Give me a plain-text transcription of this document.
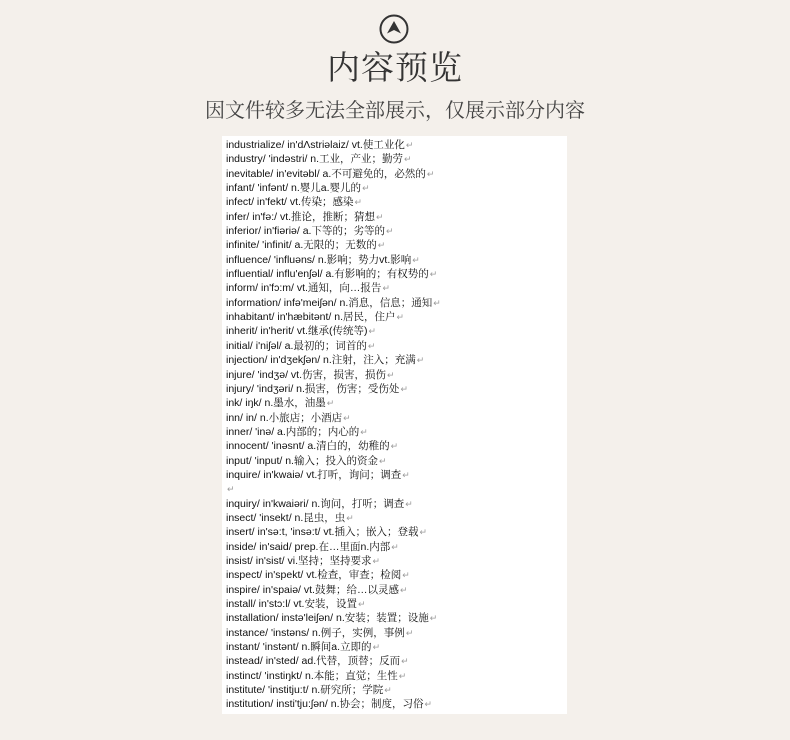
内容预览
因文件较多无法全部展示，仅展示部分内容
industrialize/ in'dΛstriəlaiz/ vt.使工业化↵
industry/ 'indəstri/ n.工业，产业；勤劳↵
inevitable/ in'evitəbl/ a.不可避免的，必然的↵
infant/ 'infənt/ n.婴儿a.婴儿的↵
infect/ in'fekt/ vt.传染；感染↵
infer/ in'fə:/ vt.推论，推断；猜想↵
inferior/ in'fiəriə/ a.下等的；劣等的↵
infinite/ 'infinit/ a.无限的；无数的↵
influence/ 'influəns/ n.影响；势力vt.影响↵
influential/ influ'enʃəl/ a.有影响的；有权势的↵
inform/ in'fɔ:m/ vt.通知，向…报告↵
information/ infə'meiʃən/ n.消息，信息；通知↵
inhabitant/ in'hæbitənt/ n.居民，住户↵
inherit/ in'herit/ vt.继承(传统等)↵
initial/ i'niʃəl/ a.最初的；词首的↵
injection/ in'dʒekʃən/ n.注射，注入；充满↵
injure/ 'indʒə/ vt.伤害，损害，损伤↵
injury/ 'indʒəri/ n.损害，伤害；受伤处↵
ink/ iŋk/ n.墨水，油墨↵
inn/ in/ n.小旅店；小酒店↵
inner/ 'inə/ a.内部的；内心的↵
innocent/ 'inəsnt/ a.清白的，幼稚的↵
input/ 'input/ n.输入；投入的资金↵
inquire/ in'kwaiə/ vt.打听，询问；调查↵
↵
inquiry/ in'kwaiəri/ n.询问，打听；调查↵
insect/ 'insekt/ n.昆虫，虫↵
insert/ in'sə:t, 'insə:t/ vt.插入；嵌入；登载↵
inside/ in'said/ prep.在…里面n.内部↵
insist/ in'sist/ vi.坚持；坚持要求↵
inspect/ in'spekt/ vt.检查，审查；检阅↵
inspire/ in'spaiə/ vt.鼓舞；给…以灵感↵
install/ in'stɔ:l/ vt.安装，设置↵
installation/ instə'leiʃən/ n.安装；装置；设施↵
instance/ 'instəns/ n.例子，实例，事例↵
instant/ 'instənt/ n.瞬间a.立即的↵
instead/ in'sted/ ad.代替，顶替；反而↵
instinct/ 'instiŋkt/ n.本能；直觉；生性↵
institute/ 'institju:t/ n.研究所；学院↵
institution/ insti'tju:ʃən/ n.协会；制度，习俗↵
